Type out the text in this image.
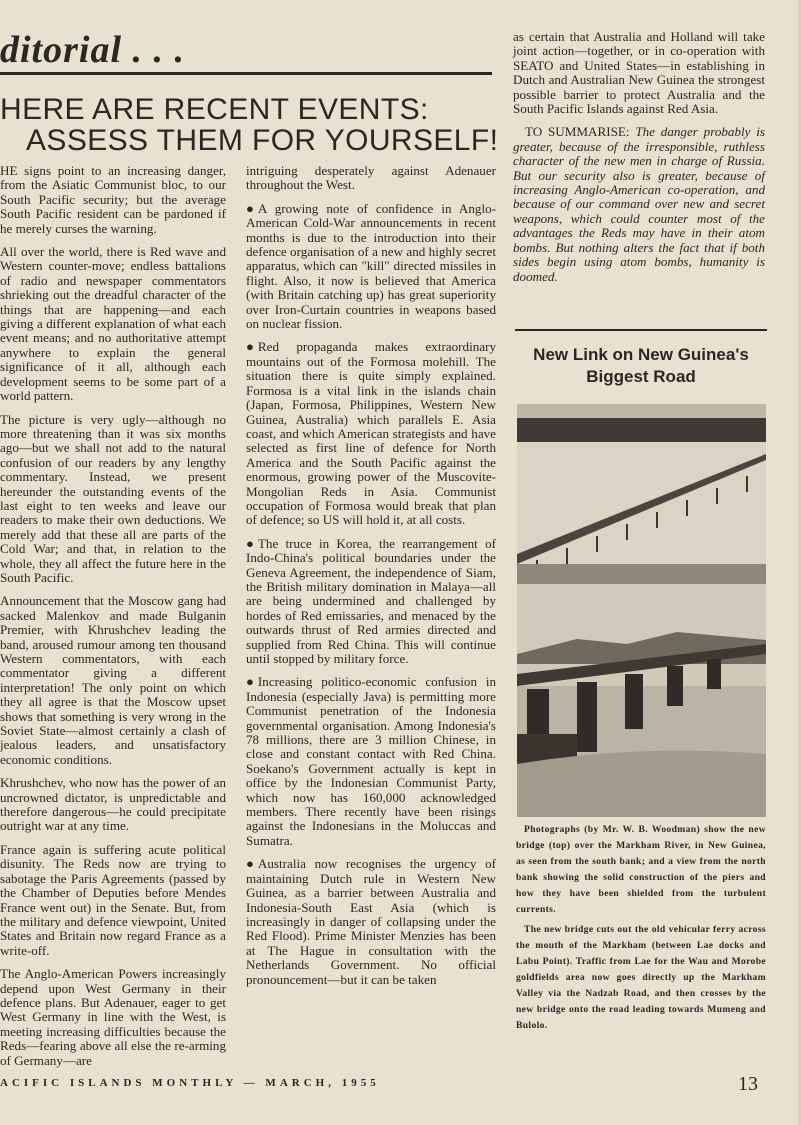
ditorial . . .
HERE ARE RECENT EVENTS:
ASSESS THEM FOR YOURSELF!

HE signs point to an increasing danger, from the Asiatic Communist bloc, to our South Pacific security; but the average South Pacific resident can be pardoned if he merely curses the warning.

All over the world, there is Red wave and Western counter-move; endless battalions of radio and newspaper commentators shrieking out the dreadful character of the things that are happening—and each giving a different explanation of what each event means; and no authoritative attempt anywhere to explain the general significance of it all, although each development seems to be some part of a world pattern.

The picture is very ugly—although no more threatening than it was six months ago—but we shall not add to the natural confusion of our readers by any lengthy commentary. Instead, we present hereunder the outstanding events of the last eight to ten weeks and leave our readers to make their own deductions. We merely add that these all are parts of the Cold War; and that, in relation to the whole, they all affect the future here in the South Pacific.

Announcement that the Moscow gang had sacked Malenkov and made Bulganin Premier, with Khrushchev leading the band, aroused rumour among ten thousand Western commentators, with each commentator giving a different interpretation! The only point on which they all agree is that the Moscow upset shows that something is very wrong in the Soviet State—almost certainly a clash of jealous leaders, and unsatisfactory economic conditions.

Khrushchev, who now has the power of an uncrowned dictator, is unpredictable and therefore dangerous—he could precipitate outright war at any time.

France again is suffering acute political disunity. The Reds now are trying to sabotage the Paris Agreements (passed by the Chamber of Deputies before Mendes France went out) in the Senate. But, from the military and defence viewpoint, United States and Britain now regard France as a write-off.

The Anglo-American Powers increasingly depend upon West Germany in their defence plans. But Adenauer, eager to get West Germany in line with the West, is meeting increasing difficulties because the Reds—fearing above all else the re-arming of Germany—are

intriguing desperately against Adenauer throughout the West.

● A growing note of confidence in Anglo-American Cold-War announcements in recent months is due to the introduction into their defence organisation of a new and highly secret apparatus, which can "kill" directed missiles in flight. Also, it now is believed that America (with Britain catching up) has great superiority over Iron-Curtain countries in weapons based on nuclear fission.

● Red propaganda makes extraordinary mountains out of the Formosa molehill. The situation there is quite simply explained. Formosa is a vital link in the islands chain (Japan, Formosa, Philippines, Western New Guinea, Australia) which parallels E. Asia coast, and which American strategists and have selected as first line of defence for North America and the South Pacific against the enormous, growing power of the Muscovite-Mongolian Reds in Asia. Communist occupation of Formosa would break that plan of defence; so US will hold it, at all costs.

● The truce in Korea, the rearrangement of Indo-China's political boundaries under the Geneva Agreement, the independence of Siam, the British military domination in Malaya—all are being undermined and challenged by hordes of Red emissaries, and menaced by the outwards thrust of Red armies directed and supplied from Red China. This will continue until stopped by military force.

● Increasing politico-economic confusion in Indonesia (especially Java) is permitting more Communist penetration of the Indonesia governmental organisation. Among Indonesia's 78 millions, there are 3 million Chinese, in close and constant contact with Red China. Soekano's Government actually is kept in office by the Indonesian Communist Party, which now has 160,000 acknowledged members. There recently have been risings against the Indonesians in the Moluccas and Sumatra.

● Australia now recognises the urgency of maintaining Dutch rule in Western New Guinea, as a barrier between Australia and Indonesia-South East Asia (which is increasingly in danger of collapsing under the Red Flood). Prime Minister Menzies has been at The Hague in consultation with the Netherlands Government. No official pronouncement—but it can be taken

as certain that Australia and Holland will take joint action—together, or in co-operation with SEATO and United States—in establishing in Dutch and Australian New Guinea the strongest possible barrier to protect Australia and the South Pacific Islands against Red Asia.

TO SUMMARISE: The danger probably is greater, because of the irresponsible, ruthless character of the new men in charge of Russia. But our security also is greater, because of increasing Anglo-American co-operation, and because of our command over new and secret weapons, which could counter most of the advantages the Reds may have in their atom bombs. But nothing alters the fact that if both sides begin using atom bombs, humanity is doomed.

New Link on New Guinea's Biggest Road

Photographs (by Mr. W. B. Woodman) show the new bridge (top) over the Markham River, in New Guinea, as seen from the south bank; and a view from the north bank showing the solid construction of the piers and how they have been shielded from the turbulent currents.

The new bridge cuts out the old vehicular ferry across the mouth of the Markham (between Lae docks and Labu Point). Traffic from Lae for the Wau and Morobe goldfields area now goes directly up the Markham Valley via the Nadzab Road, and then crosses by the new bridge onto the road leading towards Mumeng and Bulolo.

ACIFIC ISLANDS MONTHLY — MARCH, 1955	13
